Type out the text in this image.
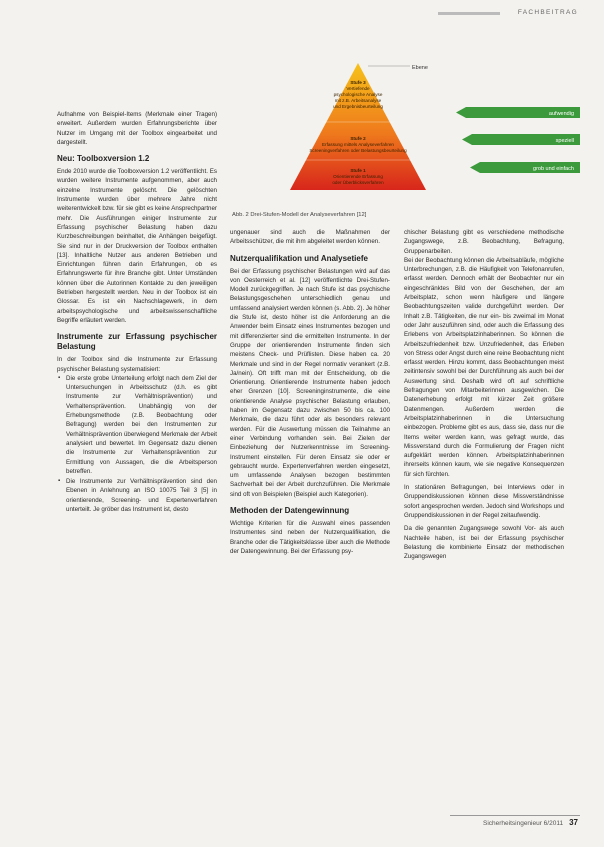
FACHBEITRAG
Ebene
aufwendig
speziell
grob und einfach
Stufe 3
Vertiefende
psychologische Analyse
mit z.B. Arbeitsanalyse
und Ergebnisbeurteilung
Stufe 2
Erfassung mittels Analyseverfahren
Screeningverfahren oder Belastungsbeurteilung
Stufe 1
Orientierende Erfassung
oder Überblicksverfahren
Abb. 2 Drei-Stufen-Modell der Analyseverfahren [12]

Aufnahme von Beispiel-Items (Merkmale einer Tragen) erweitert. Außerdem wurden Erfahrungsberichte über Nutzer im Umgang mit der Toolbox eingearbeitet und dargestellt.

Neu: Toolboxversion 1.2

Ende 2010 wurde die Toolboxversion 1.2 veröffentlicht. Es wurden weitere Instrumente aufgenommen, aber auch einzelne Instrumente gelöscht. Die gelöschten Instrumente wurden über mehrere Jahre nicht weiterentwickelt bzw. für sie gibt es keine Ansprechpartner mehr. Die Ausführungen einiger Instrumente zur Erfassung psychischer Belastung haben dazu Kurzbeschreibungen beinhaltet, die Anhängen beigefügt. Sie sind nur in der Druckversion der Toolbox enthalten [13]. Inhaltliche Nutzer aus anderen Betrieben und Einrichtungen führen darin Erfahrungen, ob es Erfahrungswerte für ihre Branche gibt. Unter Umständen können über die Autorinnen Kontakte zu den jeweiligen Betrieben hergestellt werden. Neu in der Toolbox ist ein Glossar. Es ist ein Nachschlagewerk, in dem arbeitspsychologische und arbeitswissenschaftliche Begriffe erläutert werden.

Instrumente zur Erfassung psychischer Belastung

In der Toolbox sind die Instrumente zur Erfassung psychischer Belastung systematisiert:

▪ Die erste grobe Unterteilung erfolgt nach dem Ziel der Untersuchungen in Arbeitsschutz (d.h. es gibt Instrumente zur Verhältnisprävention) und Verhaltensprävention. Unabhängig von der Erhebungsmethode (z.B. Beobachtung oder Befragung) werden bei den Instrumenten zur Verhältnisprävention überwiegend Merkmale der Arbeit analysiert und bewertet. Im Gegensatz dazu dienen die Instrumente zur Verhaltensprävention zur Ermittlung von Aussagen, die die Arbeitsperson betreffen.
▪ Die Instrumente zur Verhältnisprävention sind den Ebenen in Anlehnung an ISO 10075 Teil 3 [5] in orientierende, Screening- und Expertenverfahren unterteilt. Je gröber das Instrument ist, desto

ungenauer sind auch die Maßnahmen der Arbeitsschützer, die mit ihm abgeleitet werden können.

Nutzerqualifikation und Analysetiefe

Bei der Erfassung psychischer Belastungen wird auf das von Oesterreich et al. [12] veröffentlichte Drei-Stufen-Modell zurückgegriffen. Je nach Stufe ist das psychische Belastungsgeschehen unterschiedlich genau und umfassend analysiert werden können (s. Abb. 2). Je höher die Stufe ist, desto höher ist die Anforderung an die Anwender beim Einsatz eines Instrumentes bezogen und mit differenzierter sind die ermittelten Instrumente. In der Gruppe der orientierenden Instrumente finden sich meistens Check- und Prüflisten. Diese haben ca. 20 Merkmale und sind in der Regel normativ verankert (z.B. Ja/nein). Oft trifft man mit der Entscheidung, ob die Orientierung. Orientierende Instrumente haben jedoch eher Grenzen [10]. Screeninginstrumente, die eine orientierende Analyse psychischer Belastung erlauben, haben im Gegensatz dazu zwischen 50 bis ca. 100 Merkmale, die dazu führt oder als besonders relevant werden. Für die Auswertung müssen die Teilnahme an einer Verbindung vorhanden sein. Bei Zielen der Einbeziehung der Nutzerkenntnisse im Screening-Instrument einstellen. Für deren Einsatz sie oder er gebraucht wurde. Expertenverfahren werden eingesetzt, um umfassende Analysen bezogen bestimmten Sachverhalt bei der Arbeit durchzuführen. Die Merkmale sind oft von Beispielen (Beispiel auch Kategorien).

Methoden der Datengewinnung

Wichtige Kriterien für die Auswahl eines passenden Instrumentes sind neben der Nutzerqualifikation, die Branche oder die Tätigkeitsklasse über auch die Methode der Datengewinnung. Bei der Erfassung psy-

chischer Belastung gibt es verschiedene methodische Zugangswege, z.B. Beobachtung, Befragung, Gruppenarbeiten.

Bei der Beobachtung können die Arbeitsabläufe, mögliche Unterbrechungen, z.B. die Häufigkeit von Telefonanrufen, erfasst werden. Dennoch erhält der Beobachter nur ein eingeschränktes Bild von der Geschehen, der am Arbeitsplatz, schon wenn häufigere und längere Beobachtungszeiten valide durchgeführt werden. Der Inhalt z.B. Tätigkeiten, die nur ein- bis zweimal im Monat oder Jahr auszuführen sind, oder auch die Erfassung des Erlebens von Arbeitsplatzinhaberinnen. So können die Arbeitszufriedenheit bzw. Unzufriedenheit, das Erleben von Stress oder Angst durch eine reine Beobachtung nicht erfasst werden. Hinzu kommt, dass Beobachtungen meist zeitintensiv sowohl bei der Durchführung als auch bei der Auswertung sind. Deshalb wird oft auf schriftliche Befragungen von Mitarbeiterinnen ausgewichen. Die Datenerhebung erfolgt mit kürzer Zeit größere Datenmengen. Außerdem werden die Arbeitsplatzinhaberinnen in die Untersuchung einbezogen. Probleme gibt es aus, dass sie, dass nur die Items weiter werden kann, was gefragt wurde, das Missverstand durch die Formulierung der Fragen nicht aufgeklärt werden können. Arbeitsplatzinhaberinnen ihrerseits können kaum, wie sie negative Konsequenzen für sich fürchten.

In stationären Befragungen, bei Interviews oder in Gruppendiskussionen können diese Missverständnisse sofort angesprochen werden. Jedoch sind Workshops und Gruppendiskussionen in der Regel zeitaufwendig.

Da die genannten Zugangswege sowohl Vor- als auch Nachteile haben, ist bei der Erfassung psychischer Belastung die kombinierte Einsatz der methodischen Zugangswegen

Sicherheitsingenieur 6/2011 37
